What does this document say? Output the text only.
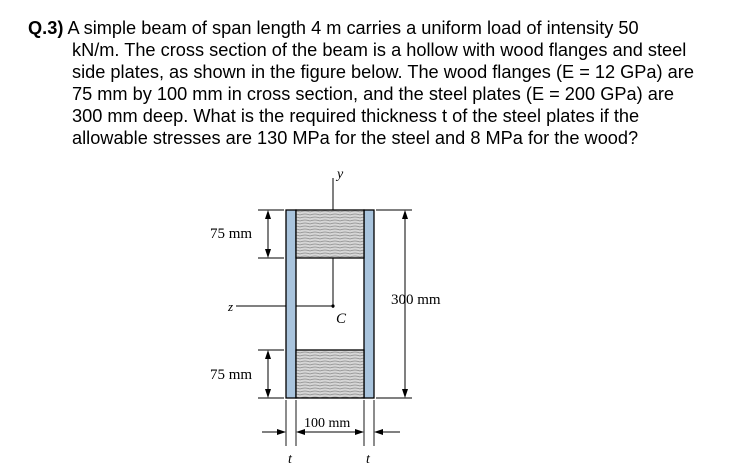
Q.3) A simple beam of span length 4 m carries a uniform load of intensity 50
kN/m. The cross section of the beam is a hollow with wood flanges and steel
side plates, as shown in the figure below. The wood flanges (E = 12 GPa) are
75 mm by 100 mm in cross section, and the steel plates (E = 200 GPa) are
300 mm deep. What is the required thickness t of the steel plates if the
allowable stresses are 130 MPa for the steel and 8 MPa for the wood?
y
z
C
75 mm
75 mm
300 mm
100 mm
t	t
